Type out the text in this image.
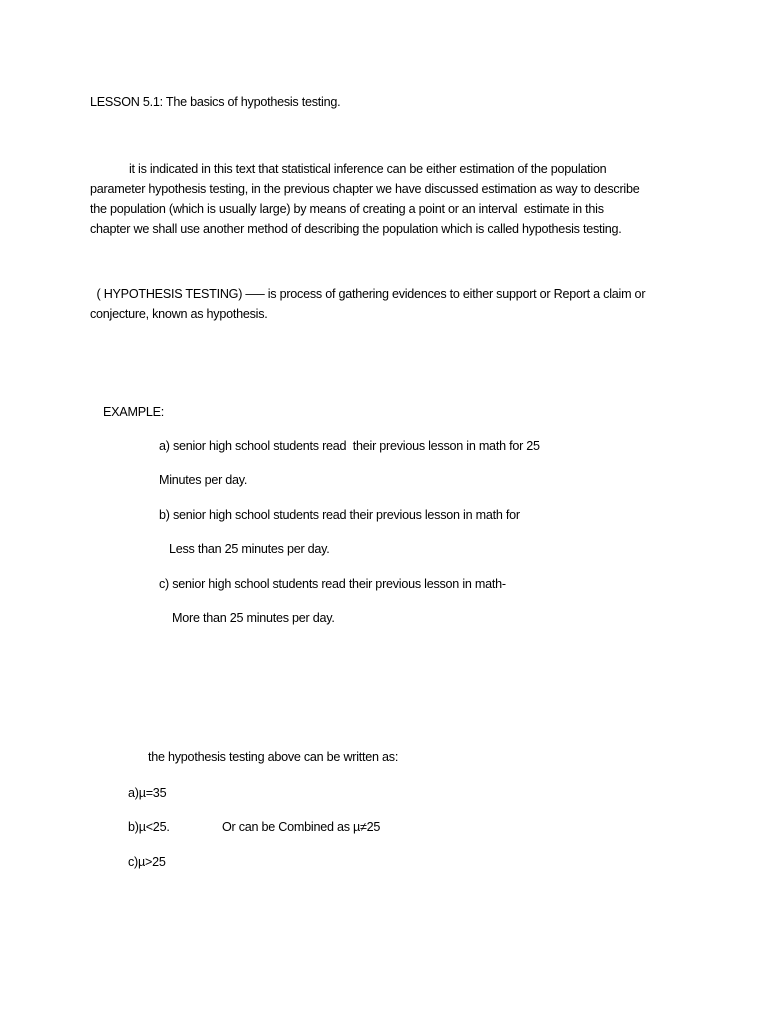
LESSON 5.1: The basics of hypothesis testing.
it is indicated in this text that statistical inference can be either estimation of the population
parameter hypothesis testing, in the previous chapter we have discussed estimation as way to describe
the population (which is usually large) by means of creating a point or an interval  estimate in this
chapter we shall use another method of describing the population which is called hypothesis testing.
( HYPOTHESIS TESTING) —– is process of gathering evidences to either support or Report a claim or
conjecture, known as hypothesis.
EXAMPLE:
a) senior high school students read  their previous lesson in math for 25
Minutes per day.
b) senior high school students read their previous lesson in math for
Less than 25 minutes per day.
c) senior high school students read their previous lesson in math-
More than 25 minutes per day.
the hypothesis testing above can be written as:
a)µ=35
b)µ<25.	Or can be Combined as µ≠25
c)µ>25
